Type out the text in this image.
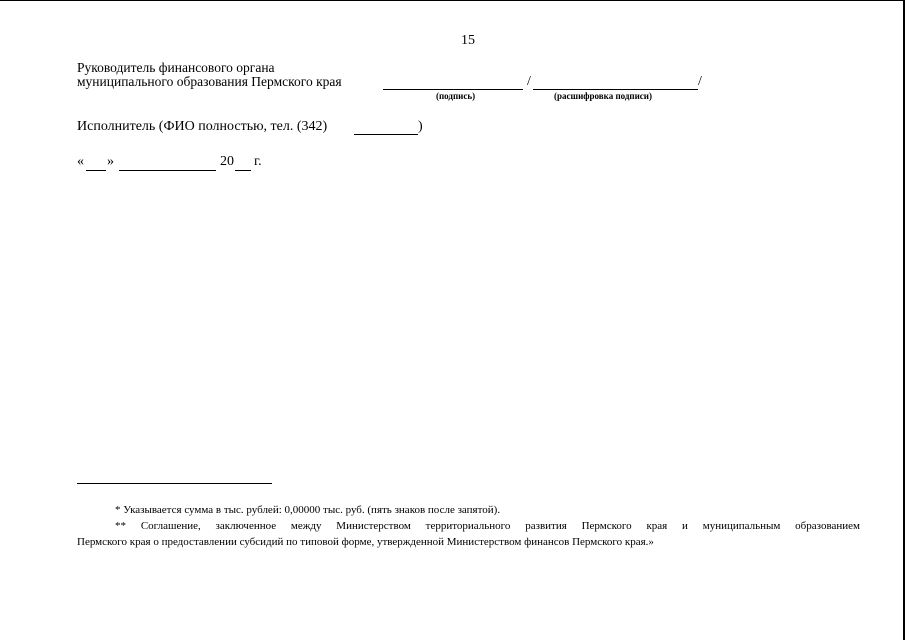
15
Руководитель финансового органа
муниципального образования Пермского края	/	/
(подпись)	(расшифровка подписи)
Исполнитель (ФИО полностью, тел. (342)	)
« »	20 г.
* Указывается сумма в тыс. рублей: 0,00000 тыс. руб. (пять знаков после запятой).
** Соглашение, заключенное между Министерством территориального развития Пермского края и муниципальным образованием
Пермского края о предоставлении субсидий по типовой форме, утвержденной Министерством финансов Пермского края.»
